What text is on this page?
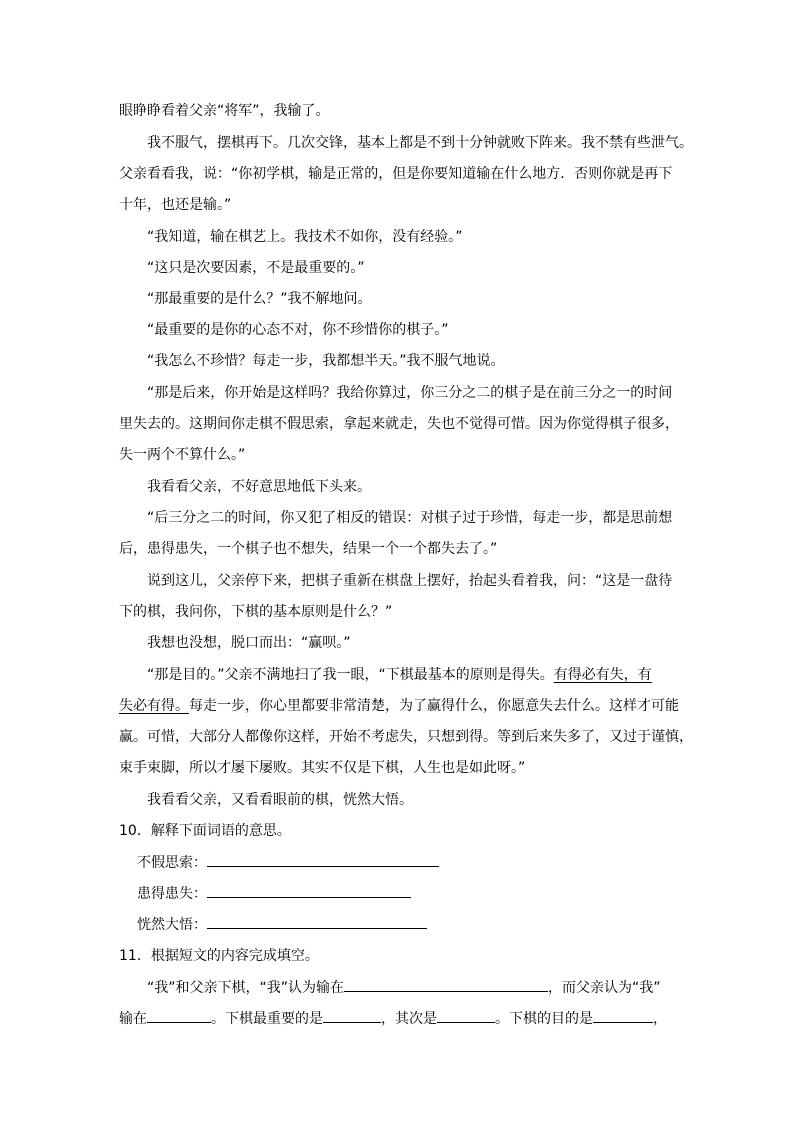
眼睁睁看着父亲“将军”，我输了。
我不服气，摆棋再下。几次交锋，基本上都是不到十分钟就败下阵来。我不禁有些泄气。
父亲看看我，说：“你初学棋，输是正常的，但是你要知道输在什么地方．否则你就是再下
十年，也还是输。”
“我知道，输在棋艺上。我技术不如你，没有经验。”
“这只是次要因素，不是最重要的。”
“那最重要的是什么？”我不解地问。
“最重要的是你的心态不对，你不珍惜你的棋子。”
“我怎么不珍惜？每走一步，我都想半天。”我不服气地说。
“那是后来，你开始是这样吗？我给你算过，你三分之二的棋子是在前三分之一的时间
里失去的。这期间你走棋不假思索，拿起来就走，失也不觉得可惜。因为你觉得棋子很多，
失一两个不算什么。”
我看看父亲，不好意思地低下头来。
“后三分之二的时间，你又犯了相反的错误：对棋子过于珍惜，每走一步，都是思前想
后，患得患失，一个棋子也不想失，结果一个一个都失去了。”
说到这儿，父亲停下来，把棋子重新在棋盘上摆好，抬起头看着我，问：“这是一盘待
下的棋，我问你，下棋的基本原则是什么？”
我想也没想，脱口而出：“赢呗。”
“那是目的。”父亲不满地扫了我一眼，“下棋最基本的原则是得失。有得必有失，有
失必有得。每走一步，你心里都要非常清楚，为了赢得什么，你愿意失去什么。这样才可能
赢。可惜，大部分人都像你这样，开始不考虑失，只想到得。等到后来失多了，又过于谨慎，
束手束脚，所以才屡下屡败。其实不仅是下棋，人生也是如此呀。”
我看看父亲，又看看眼前的棋，恍然大悟。
10．解释下面词语的意思。
不假思索：
患得患失：
恍然大悟：
11．根据短文的内容完成填空。
“我”和父亲下棋，“我”认为输在	，而父亲认为“我”
输在	。下棋最重要的是	，其次是	。下棋的目的是	，
